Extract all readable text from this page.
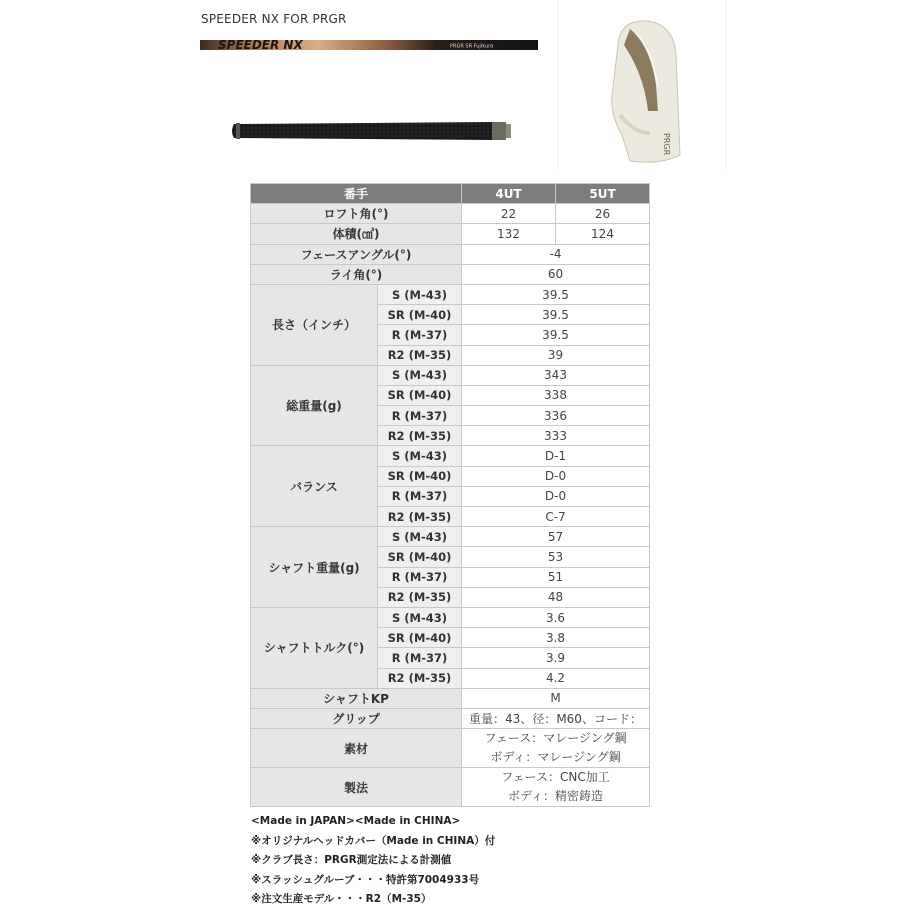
SPEEDER NX FOR PRGR
SPEEDER NX	PRGR SR Fujikura
PRGR
番手		4UT	5UT
ロフト角(°)		22	26
体積(㎤)		132	124
フェースアングル(°)		-4	
ライ角(°)		60	
長さ（インチ）	S (M-43)	39.5	
	SR (M-40)	39.5	
	R (M-37)	39.5	
	R2 (M-35)	39	
総重量(g)	S (M-43)	343	
	SR (M-40)	338	
	R (M-37)	336	
	R2 (M-35)	333	
バランス	S (M-43)	D-1	
	SR (M-40)	D-0	
	R (M-37)	D-0	
	R2 (M-35)	C-7	
シャフト重量(g)	S (M-43)	57	
	SR (M-40)	53	
	R (M-37)	51	
	R2 (M-35)	48	
シャフトトルク(°)	S (M-43)	3.6	
	SR (M-40)	3.8	
	R (M-37)	3.9	
	R2 (M-35)	4.2	
シャフトKP		M	
グリップ		重量：43、径：M60、コード：	
素材		フェース：マレージング鋼
ボディ：マレージング鋼	

製法		フェース：CNC加工
ボディ：精密鋳造	
<Made in JAPAN><Made in CHINA>
※オリジナルヘッドカバー（Made in CHINA）付
※クラブ長さ：PRGR測定法による計測値
※スラッシュグルーブ・・・特許第7004933号
※注文生産モデル・・・R2（M-35）
